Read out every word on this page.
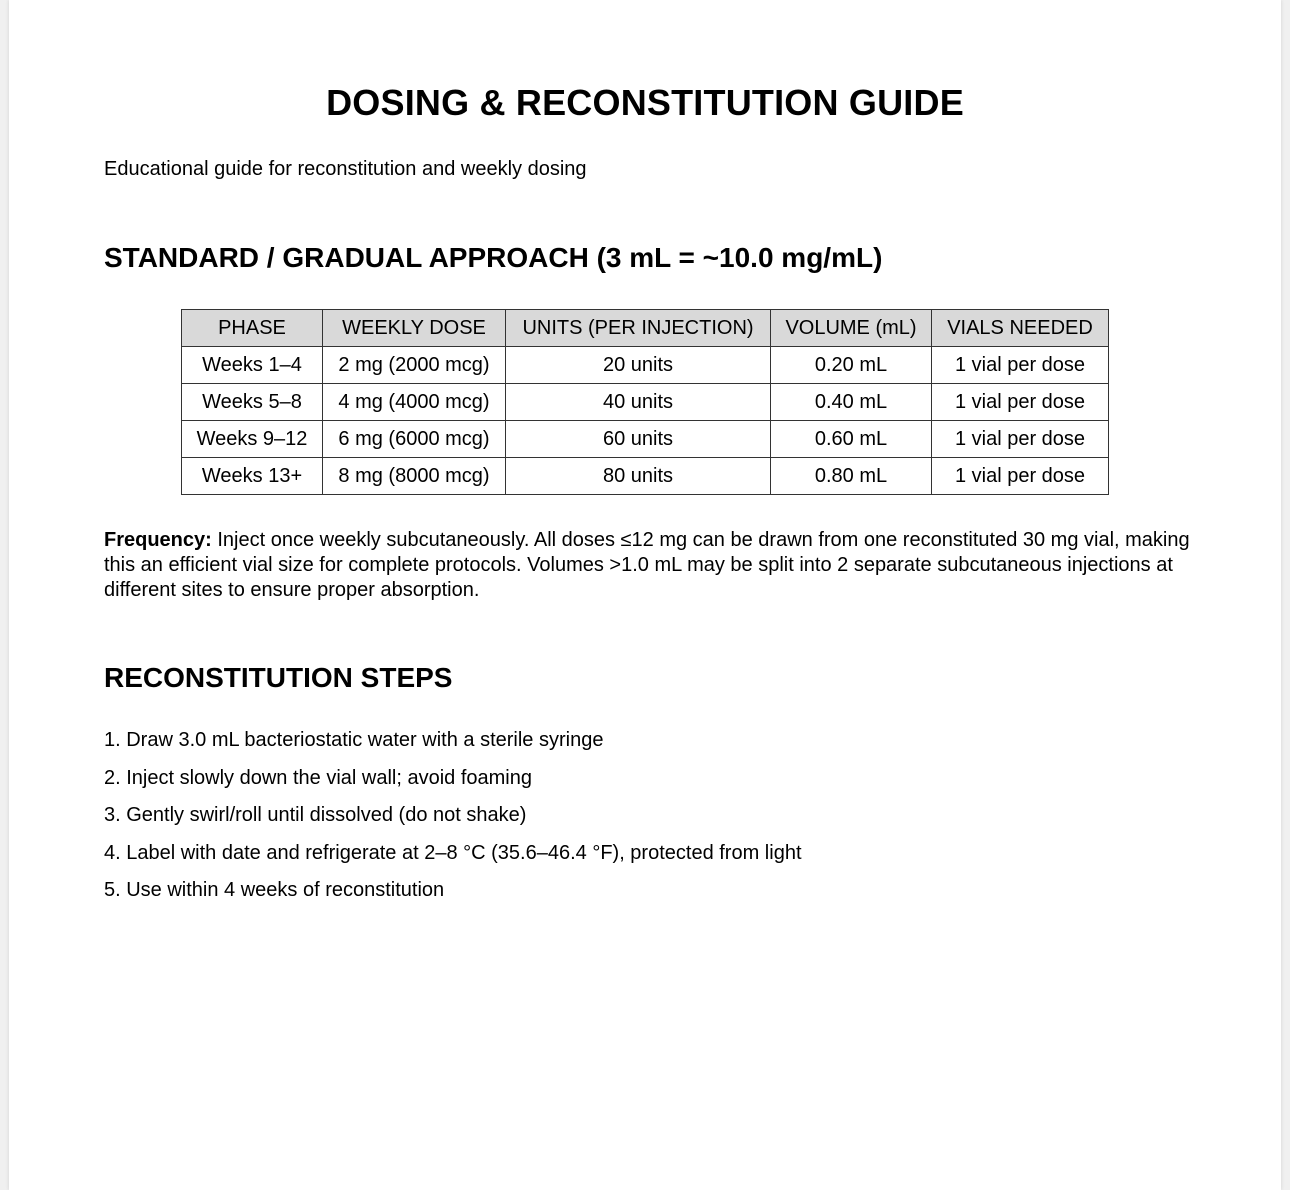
DOSING & RECONSTITUTION GUIDE

Educational guide for reconstitution and weekly dosing

STANDARD / GRADUAL APPROACH (3 mL = ~10.0 mg/mL)
PHASE	WEEKLY DOSE	UNITS (PER INJECTION)	VOLUME (mL)	VIALS NEEDED
Weeks 1–4	2 mg (2000 mcg)	20 units	0.20 mL	1 vial per dose
Weeks 5–8	4 mg (4000 mcg)	40 units	0.40 mL	1 vial per dose
Weeks 9–12	6 mg (6000 mcg)	60 units	0.60 mL	1 vial per dose
Weeks 13+	8 mg (8000 mcg)	80 units	0.80 mL	1 vial per dose

Frequency: Inject once weekly subcutaneously. All doses ≤12 mg can be drawn from one reconstituted 30 mg vial, making this an efficient vial size for complete protocols. Volumes >1.0 mL may be split into 2 separate subcutaneous injections at different sites to ensure proper absorption.

RECONSTITUTION STEPS
1. Draw 3.0 mL bacteriostatic water with a sterile syringe
2. Inject slowly down the vial wall; avoid foaming
3. Gently swirl/roll until dissolved (do not shake)
4. Label with date and refrigerate at 2–8 °C (35.6–46.4 °F), protected from light
5. Use within 4 weeks of reconstitution
